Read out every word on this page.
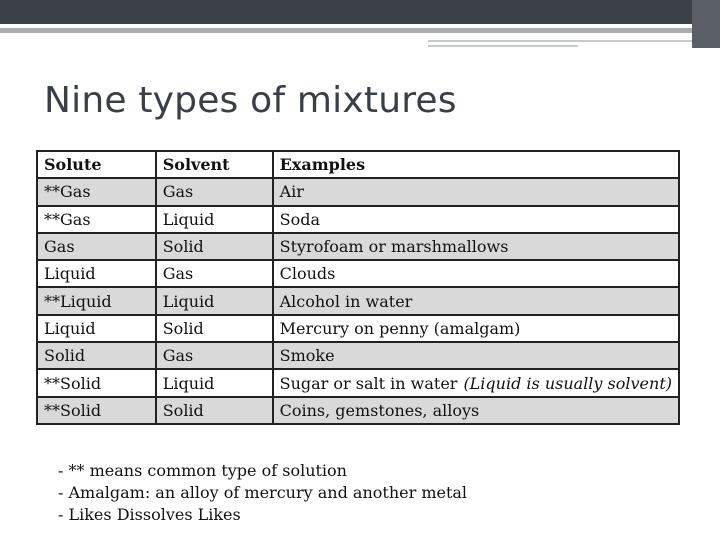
Nine types of mixtures
Solute	Solvent	Examples
**Gas	Gas	Air
**Gas	Liquid	Soda
Gas	Solid	Styrofoam or marshmallows
Liquid	Gas	Clouds
**Liquid	Liquid	Alcohol in water
Liquid	Solid	Mercury on penny (amalgam)
Solid	Gas	Smoke
**Solid	Liquid	Sugar or salt in water (Liquid is usually solvent)
**Solid	Solid	Coins, gemstones, alloys
- ** means common type of solution
- Amalgam: an alloy of mercury and another metal
- Likes Dissolves Likes
